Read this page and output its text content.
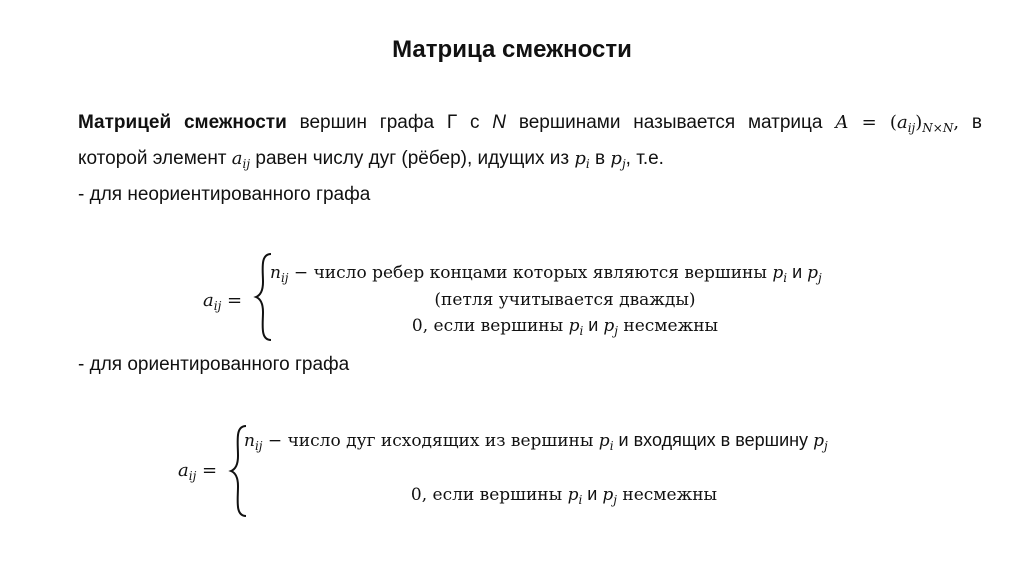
Матрица смежности
Матрицей смежности вершин графа Г с N вершинами называется матрица $A = (a_{ij})_{N\times N}$, в
которой элемент $a_{ij}$ равен числу дуг (рёбер), идущих из $p_i$ в $p_j$, т.е.
- для неориентированного графа
$a_{ij}$ =
$n_{ij}$ − число ребер концами которых являются вершины $p_i$ и $p_j$
(петля учитывается дважды)
0, если вершины $p_i$ и $p_j$ несмежны
- для ориентированного графа
$a_{ij}$ =
$n_{ij}$ − число дуг исходящих из вершины $p_i$ и входящих в вершину $p_j$
0, если вершины $p_i$ и $p_j$ несмежны
